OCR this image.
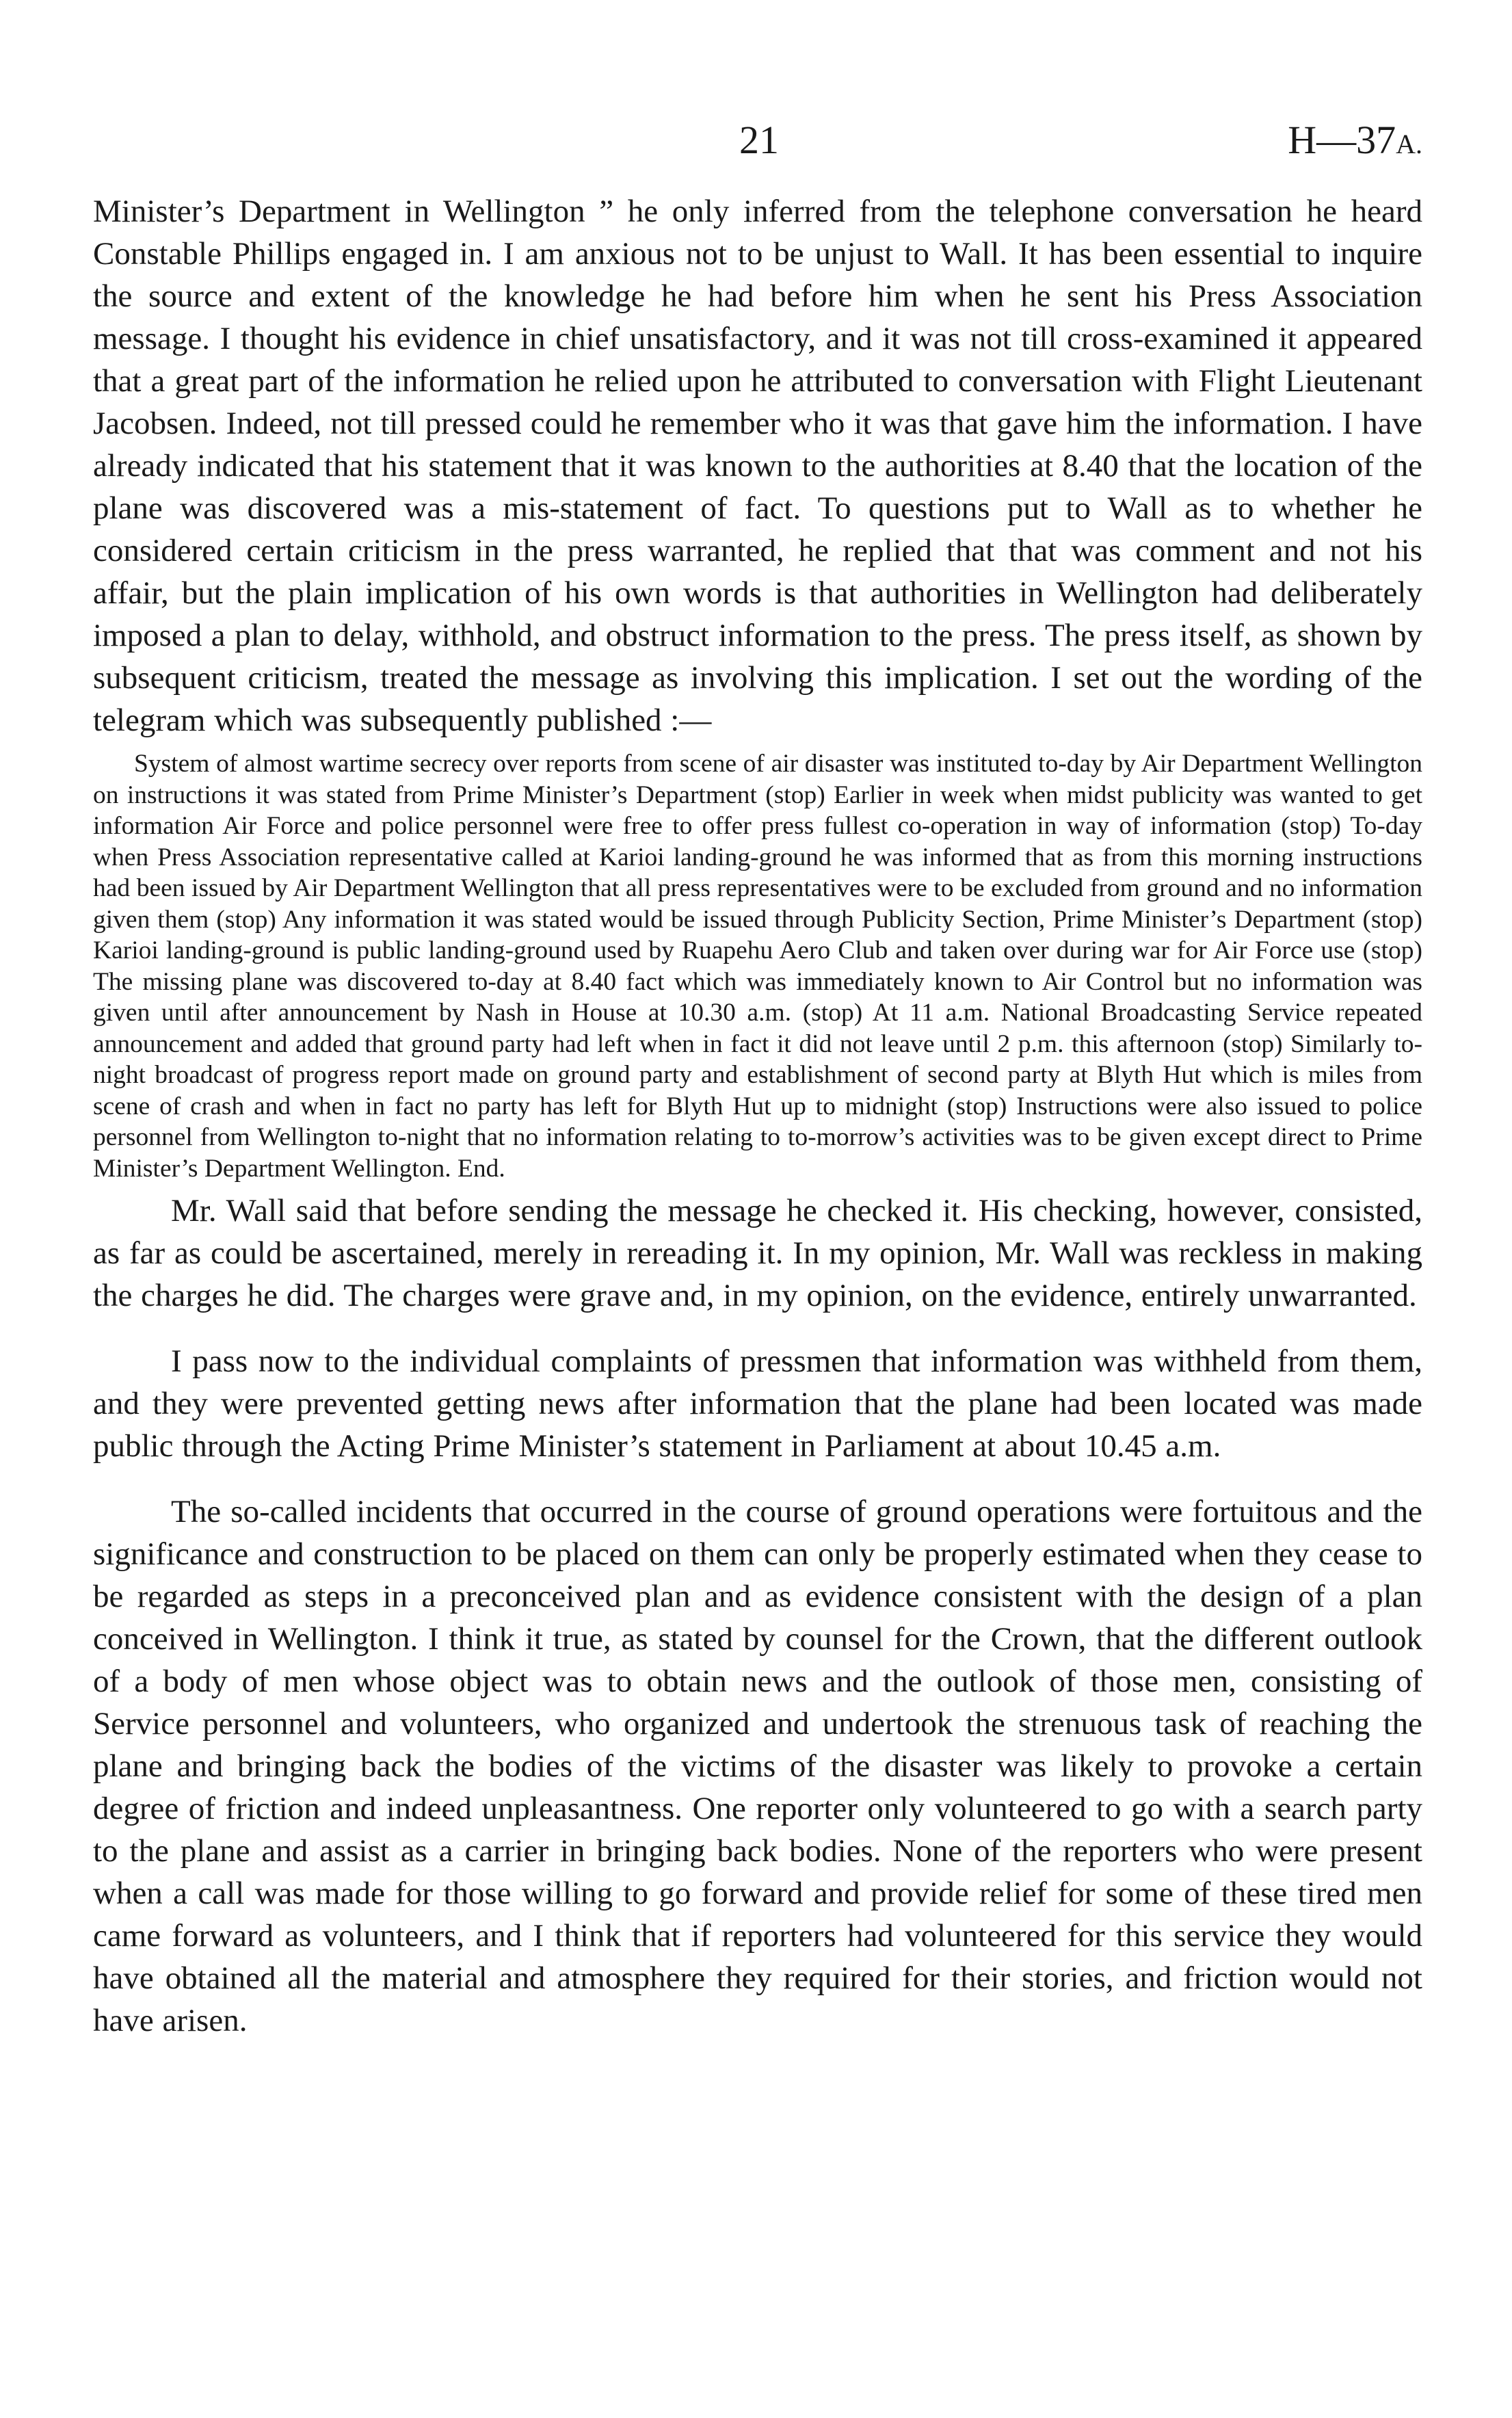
21	H—37A.

Minister’s Department in Wellington ” he only inferred from the telephone conversation he heard Constable Phillips engaged in. I am anxious not to be unjust to Wall. It has been essential to inquire the source and extent of the knowledge he had before him when he sent his Press Association message. I thought his evidence in chief unsatisfactory, and it was not till cross-examined it appeared that a great part of the information he relied upon he attributed to conversation with Flight Lieutenant Jacobsen. Indeed, not till pressed could he remember who it was that gave him the information. I have already indicated that his statement that it was known to the authorities at 8.40 that the location of the plane was discovered was a mis-statement of fact. To questions put to Wall as to whether he considered certain criticism in the press warranted, he replied that that was comment and not his affair, but the plain implication of his own words is that authorities in Wellington had deliberately imposed a plan to delay, withhold, and obstruct information to the press. The press itself, as shown by subsequent criticism, treated the message as involving this implication. I set out the wording of the telegram which was subsequently published :—

System of almost wartime secrecy over reports from scene of air disaster was instituted to-day by Air Department Wellington on instructions it was stated from Prime Minister’s Department (stop) Earlier in week when midst publicity was wanted to get information Air Force and police personnel were free to offer press fullest co-operation in way of information (stop) To-day when Press Association representative called at Karioi landing-ground he was informed that as from this morning instructions had been issued by Air Department Wellington that all press representatives were to be excluded from ground and no information given them (stop) Any information it was stated would be issued through Publicity Section, Prime Minister’s Department (stop) Karioi landing-ground is public landing-ground used by Ruapehu Aero Club and taken over during war for Air Force use (stop) The missing plane was discovered to-day at 8.40 fact which was immediately known to Air Control but no information was given until after announcement by Nash in House at 10.30 a.m. (stop) At 11 a.m. National Broadcasting Service repeated announcement and added that ground party had left when in fact it did not leave until 2 p.m. this afternoon (stop) Similarly to-night broadcast of progress report made on ground party and establishment of second party at Blyth Hut which is miles from scene of crash and when in fact no party has left for Blyth Hut up to midnight (stop) Instructions were also issued to police personnel from Wellington to-night that no information relating to to-morrow’s activities was to be given except direct to Prime Minister’s Department Wellington. End.

Mr. Wall said that before sending the message he checked it. His checking, however, consisted, as far as could be ascertained, merely in rereading it. In my opinion, Mr. Wall was reckless in making the charges he did. The charges were grave and, in my opinion, on the evidence, entirely unwarranted.

I pass now to the individual complaints of pressmen that information was withheld from them, and they were prevented getting news after information that the plane had been located was made public through the Acting Prime Minister’s statement in Parliament at about 10.45 a.m.

The so-called incidents that occurred in the course of ground operations were fortuitous and the significance and construction to be placed on them can only be properly estimated when they cease to be regarded as steps in a preconceived plan and as evidence consistent with the design of a plan conceived in Wellington. I think it true, as stated by counsel for the Crown, that the different outlook of a body of men whose object was to obtain news and the outlook of those men, consisting of Service personnel and volunteers, who organized and undertook the strenuous task of reaching the plane and bringing back the bodies of the victims of the disaster was likely to provoke a certain degree of friction and indeed unpleasantness. One reporter only volunteered to go with a search party to the plane and assist as a carrier in bringing back bodies. None of the reporters who were present when a call was made for those willing to go forward and provide relief for some of these tired men came forward as volunteers, and I think that if reporters had volunteered for this service they would have obtained all the material and atmosphere they required for their stories, and friction would not have arisen.
